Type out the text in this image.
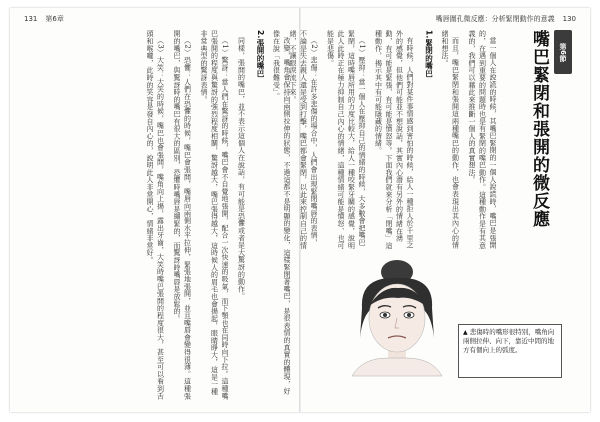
131 第6章	嘴唇圍孔微反應：分析緊閉動作的意義 130

改變，嘴角會保持向兩側拉伸的狀態，不過這都不是明顯的變化，這樣緊閉著嘴巴，是很表情的真實的體現，好像在說「我很難受」。

2.張開的嘴巴

同樣，張開的嘴巴，並不表示這個人在說話，有可能是恐懼或者是大驚訝的動作。

（1）驚訝：當人們在驚訝的時候，嘴巴會不自覺地張開，配合一次快速的吸氣，而下顎也在同時向下拉。這種嘴巴張開的程度與驚訝的強烈程度相關，驚訝越大，嘴巴張得越大，這時候人的眉毛也會揚起，眼睛睜大，這是一種非常典型的驚訝表情。

（2）恐懼：人們在恐懼的時候，嘴巴會張開，嘴唇向兩側水平拉伸，緊張地張開，並且嘴唇會變得很薄。這種張開的嘴巴，與驚訝時的嘴巴有很大的區別，恐懼時嘴唇是繃緊的，而驚訝時嘴唇是放鬆的。

（3）大笑：大笑的時候，嘴巴也會張開，嘴角向上揚，露出牙齒，大笑時嘴巴張開的程度很大，甚至可以看到舌頭和喉嚨，此時的笑容是發自內心的，說明此人非常開心，情緒非常好。	第6節
嘴巴緊閉和張開的微反應

當一個人在說謊的時候，其嘴巴緊閉的一個人說謊時，嘴巴是張開的，在遇到重要的問題時也是有緊閉的嘴巴動作。這種動作是有其意義的，我們可以藉此來推斷一個人的真實想法。

而且，嘴巴緊閉和張開這兩種嘴巴的動作，也會表現出其內心的情緒和想法。

1.緊閉的嘴巴

有時候，人們對某件事情感到害怕的時候，給人一種拒人於千里之外的感覺，但他們可能並不想說話，其實內心潛有另外的情緒在湧動，有可能是緊張、有可能是憤怒等。下面我們就來分析「閉嘴」這種動作，揭示其中有可能隱藏的情緒。

（1）壓抑：當一個人在壓抑自己的情緒的時候，大多數會把嘴巴緊閉，這時嘴唇所用的力度比較大，給人一種咬緊牙關的感覺，說明此人此時正在極力抑制自己內心的情緒，這種情緒可能是憤怒、也可能是悲傷。

（2）悲傷：在許多悲傷的場合中，人們會出現緊閉嘴唇的表情，不論是失去親人還是受到打擊，嘴巴都會緊閉，以此來控制自己的情緒，不讓眼淚流下來。

▲ 悲傷時的嘴形很特別，嘴角向兩側拉伸、向下，靠近中間的地方有個向上的弧度。
